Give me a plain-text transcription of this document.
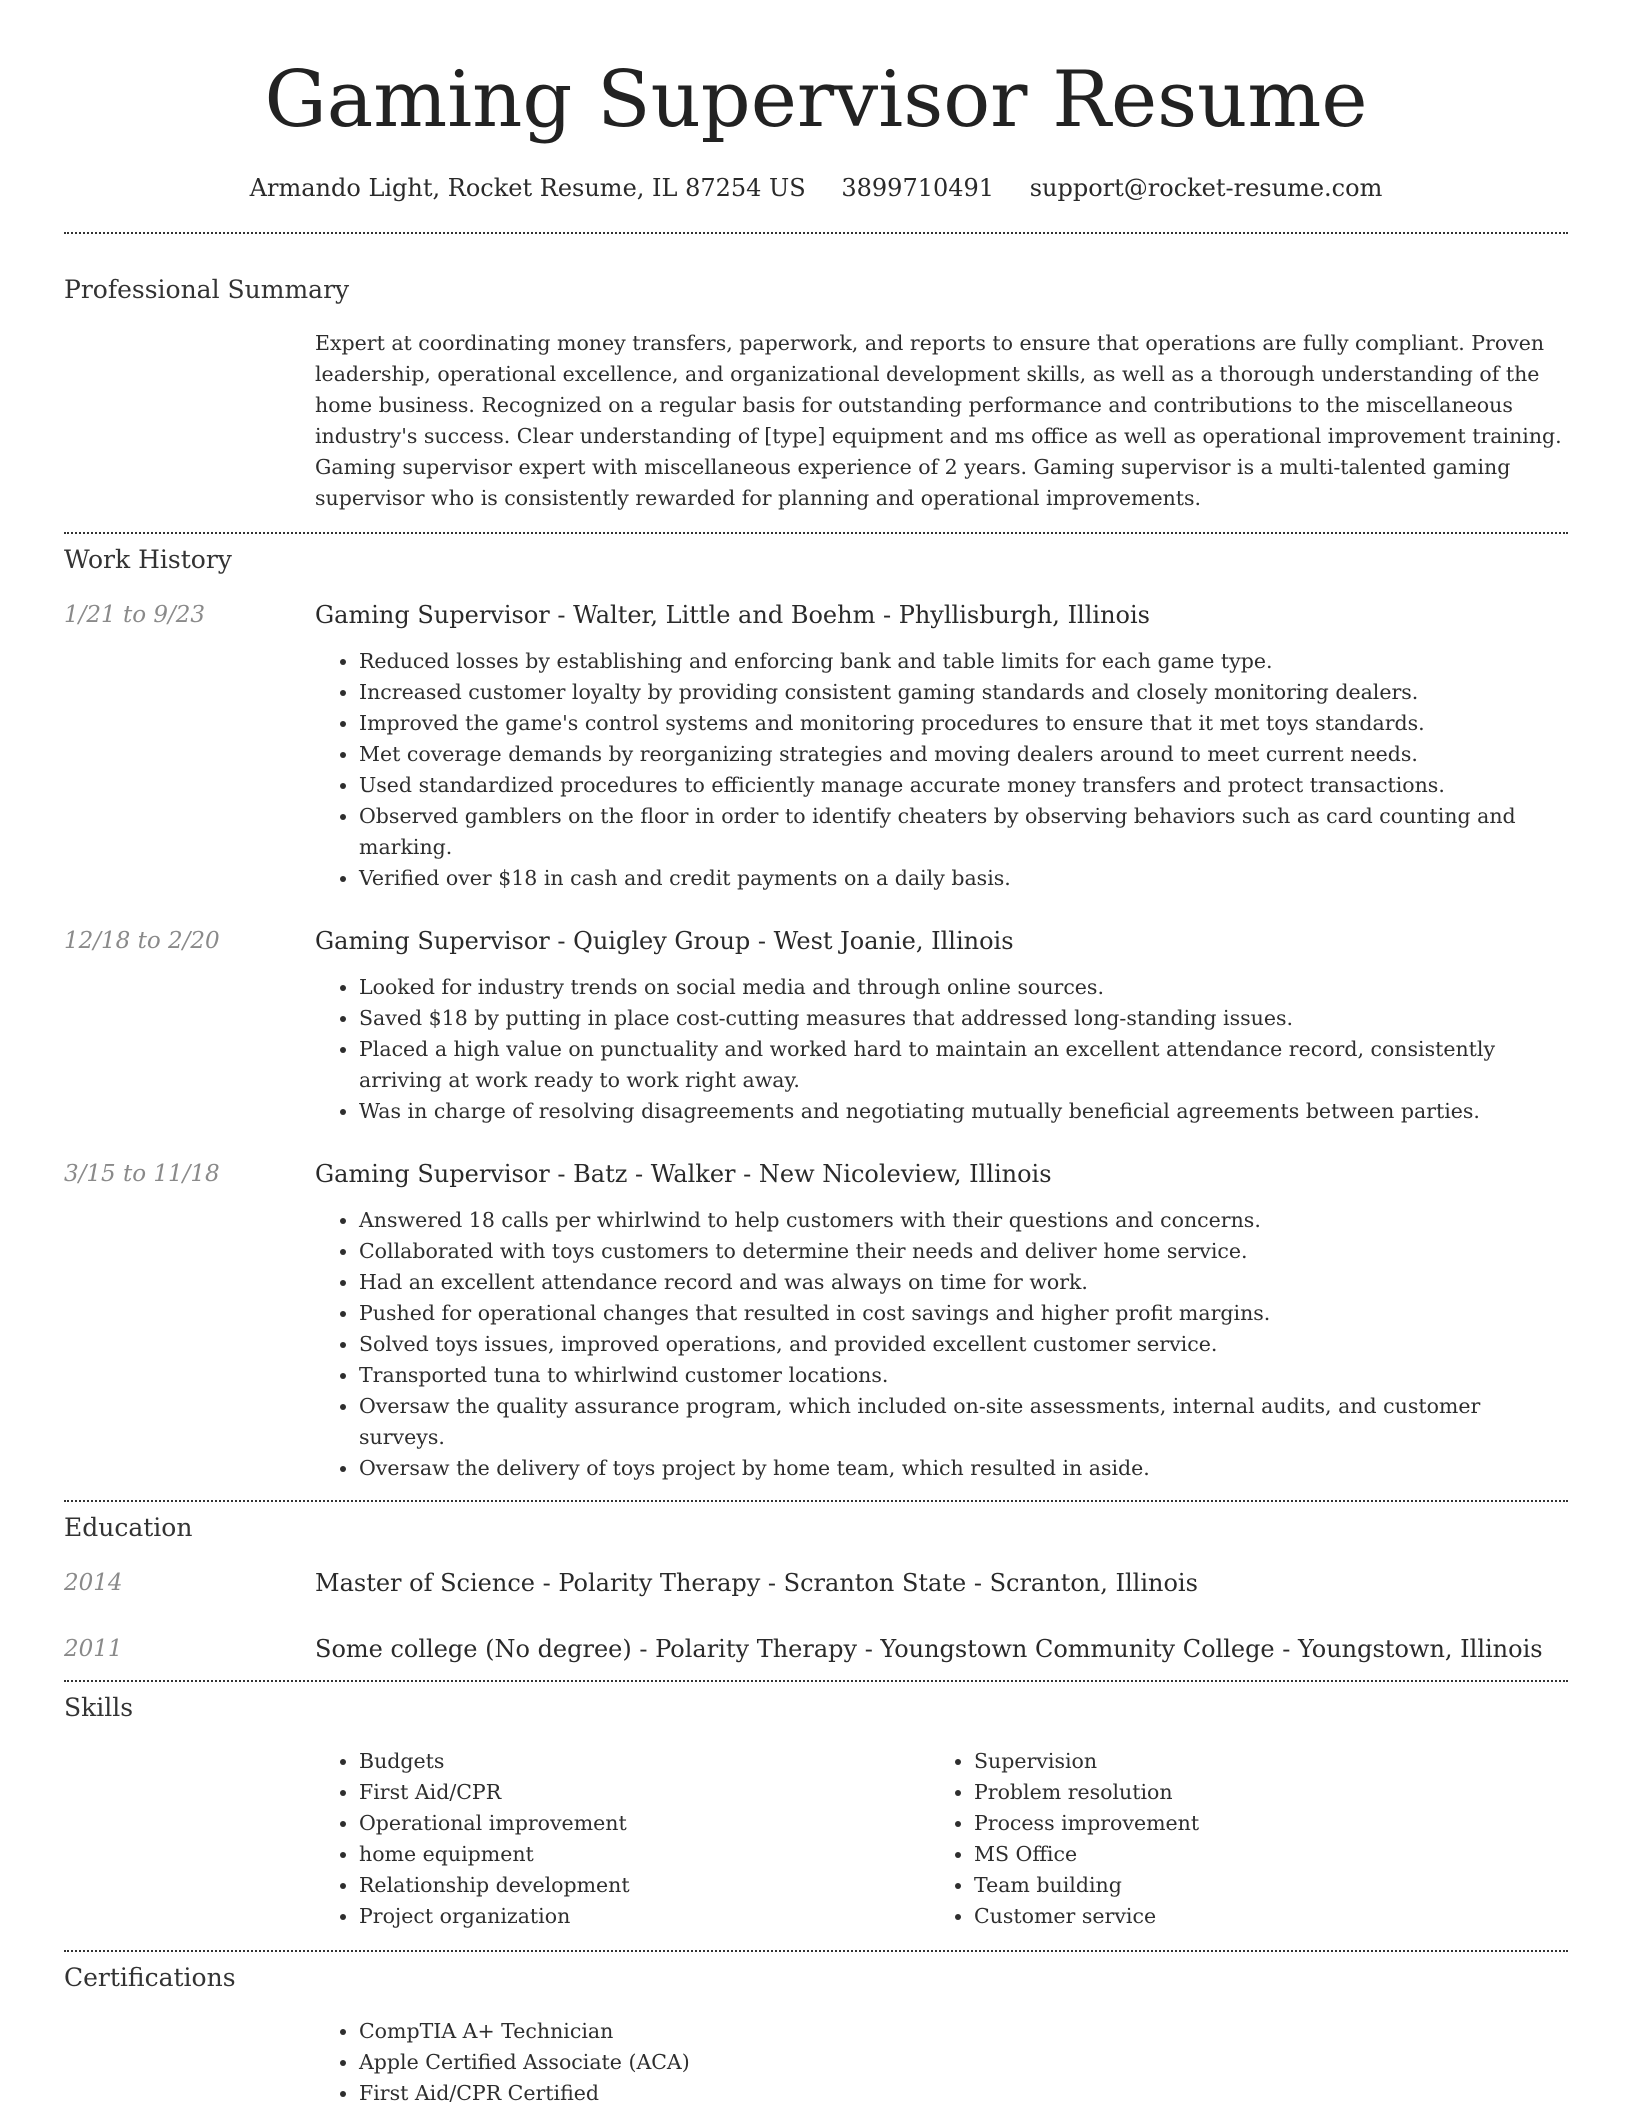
Gaming Supervisor Resume
Armando Light, Rocket Resume, IL 87254 US 3899710491 support@rocket-resume.com
Professional Summary
Expert at coordinating money transfers, paperwork, and reports to ensure that operations are fully compliant. Proven leadership, operational excellence, and organizational development skills, as well as a thorough understanding of the home business. Recognized on a regular basis for outstanding performance and contributions to the miscellaneous industry's success. Clear understanding of [type] equipment and ms office as well as operational improvement training. Gaming supervisor expert with miscellaneous experience of 2 years. Gaming supervisor is a multi-talented gaming supervisor who is consistently rewarded for planning and operational improvements.
Work History
1/21 to 9/23	Gaming Supervisor - Walter, Little and Boehm - Phyllisburgh, Illinois
• Reduced losses by establishing and enforcing bank and table limits for each game type.
• Increased customer loyalty by providing consistent gaming standards and closely monitoring dealers.
• Improved the game's control systems and monitoring procedures to ensure that it met toys standards.
• Met coverage demands by reorganizing strategies and moving dealers around to meet current needs.
• Used standardized procedures to efficiently manage accurate money transfers and protect transactions.
• Observed gamblers on the floor in order to identify cheaters by observing behaviors such as card counting and marking.
• Verified over $18 in cash and credit payments on a daily basis.
12/18 to 2/20	Gaming Supervisor - Quigley Group - West Joanie, Illinois
• Looked for industry trends on social media and through online sources.
• Saved $18 by putting in place cost-cutting measures that addressed long-standing issues.
• Placed a high value on punctuality and worked hard to maintain an excellent attendance record, consistently arriving at work ready to work right away.
• Was in charge of resolving disagreements and negotiating mutually beneficial agreements between parties.
3/15 to 11/18	Gaming Supervisor - Batz - Walker - New Nicoleview, Illinois
• Answered 18 calls per whirlwind to help customers with their questions and concerns.
• Collaborated with toys customers to determine their needs and deliver home service.
• Had an excellent attendance record and was always on time for work.
• Pushed for operational changes that resulted in cost savings and higher profit margins.
• Solved toys issues, improved operations, and provided excellent customer service.
• Transported tuna to whirlwind customer locations.
• Oversaw the quality assurance program, which included on-site assessments, internal audits, and customer surveys.
• Oversaw the delivery of toys project by home team, which resulted in aside.
Education
2014	Master of Science - Polarity Therapy - Scranton State - Scranton, Illinois
2011	Some college (No degree) - Polarity Therapy - Youngstown Community College - Youngstown, Illinois
Skills
• Budgets
• First Aid/CPR
• Operational improvement
• home equipment
• Relationship development
• Project organization
• Supervision
• Problem resolution
• Process improvement
• MS Office
• Team building
• Customer service
Certifications
• CompTIA A+ Technician
• Apple Certified Associate (ACA)
• First Aid/CPR Certified
